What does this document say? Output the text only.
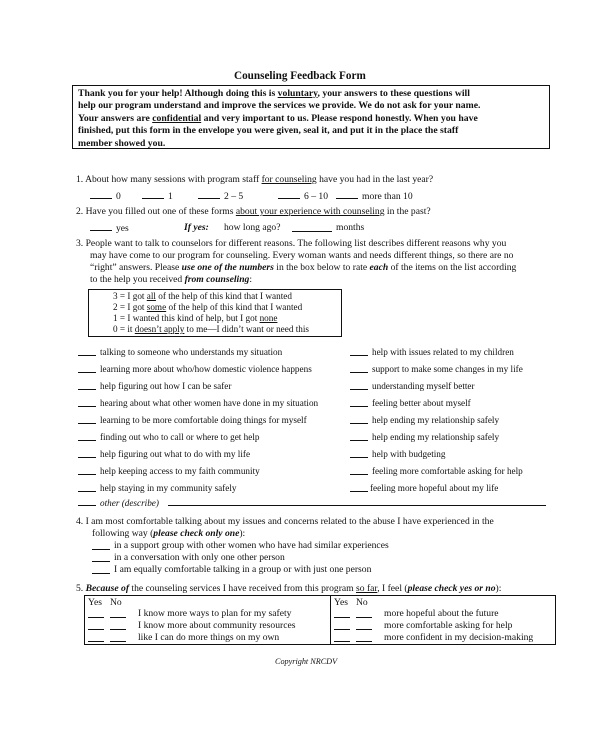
Counseling Feedback Form
Thank you for your help! Although doing this is voluntary, your answers to these questions will
help our program understand and improve the services we provide. We do not ask for your name.
Your answers are confidential and very important to us. Please respond honestly. When you have
finished, put this form in the envelope you were given, seal it, and put it in the place the staff
member showed you.
1. About how many sessions with program staff for counseling have you had in the last year?
0	1	2 – 5	6 – 10	more than 10
2. Have you filled out one of these forms about your experience with counseling in the past?
yes	If yes: how long ago?	months
3. People want to talk to counselors for different reasons. The following list describes different reasons why you
may have come to our program for counseling. Every woman wants and needs different things, so there are no
“right” answers. Please use one of the numbers in the box below to rate each of the items on the list according
to the help you received from counseling:
3 = I got all of the help of this kind that I wanted
2 = I got some of the help of this kind that I wanted
1 = I wanted this kind of help, but I got none
0 = it doesn’t apply to me—I didn’t want or need this
talking to someone who understands my situation
learning more about who/how domestic violence happens
help figuring out how I can be safer
hearing about what other women have done in my situation
learning to be more comfortable doing things for myself
finding out who to call or where to get help
help figuring out what to do with my life
help keeping access to my faith community
help staying in my community safely
help with issues related to my children
support to make some changes in my life
understanding myself better
feeling better about myself
help ending my relationship safely
help ending my relationship safely
help with budgeting
feeling more comfortable asking for help
feeling more hopeful about my life
other (describe)
4. I am most comfortable talking about my issues and concerns related to the abuse I have experienced in the
following way (please check only one):
in a support group with other women who have had similar experiences
in a conversation with only one other person
I am equally comfortable talking in a group or with just one person
5. Because of the counseling services I have received from this program so far, I feel (please check yes or no):
Yes No	Yes No
I know more ways to plan for my safety
I know more about community resources
like I can do more things on my own
more hopeful about the future
more comfortable asking for help
more confident in my decision-making
Copyright NRCDV
